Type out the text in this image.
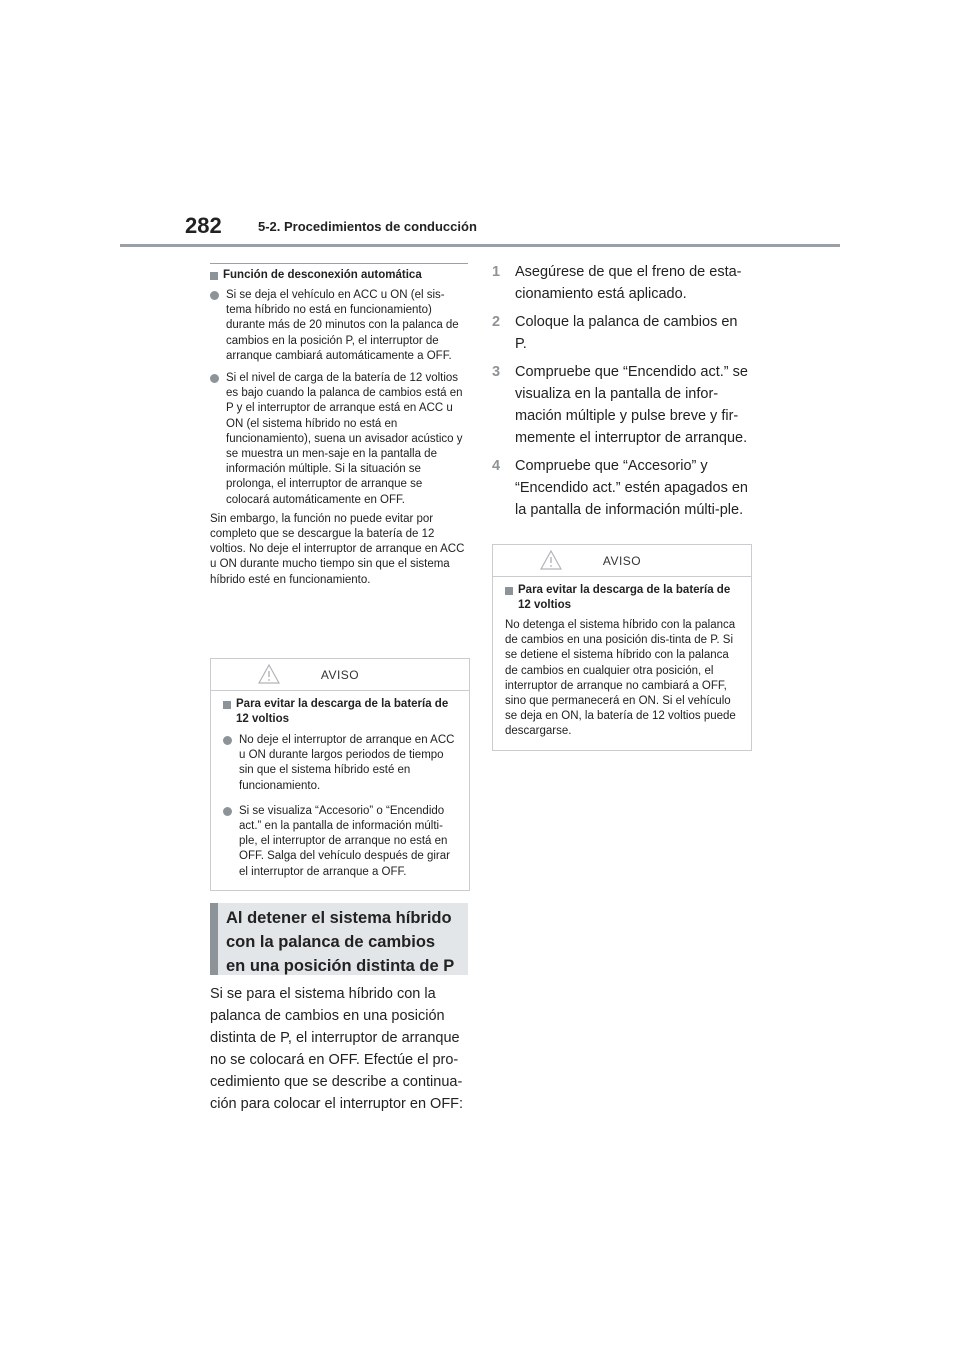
282	5-2. Procedimientos de conducción
Función de desconexión automática
Si se deja el vehículo en ACC u ON (el sis-tema híbrido no está en funcionamiento) durante más de 20 minutos con la palanca de cambios en la posición P, el interruptor de arranque cambiará automáticamente a OFF.
Si el nivel de carga de la batería de 12 voltios es bajo cuando la palanca de cambios está en P y el interruptor de arranque está en ACC u ON (el sistema híbrido no está en funcionamiento), suena un avisador acústico y se muestra un men-saje en la pantalla de información múltiple. Si la situación se prolonga, el interruptor de arranque se colocará automáticamente en OFF.
Sin embargo, la función no puede evitar por completo que se descargue la batería de 12 voltios. No deje el interruptor de arranque en ACC u ON durante mucho tiempo sin que el sistema híbrido esté en funcionamiento.
AVISO
Para evitar la descarga de la batería de 12 voltios
No deje el interruptor de arranque en ACC u ON durante largos periodos de tiempo sin que el sistema híbrido esté en funcionamiento.
Si se visualiza “Accesorio” o “Encendido act.” en la pantalla de información múlti-ple, el interruptor de arranque no está en OFF. Salga del vehículo después de girar el interruptor de arranque a OFF.
Al detener el sistema híbrido con la palanca de cambios en una posición distinta de P
Si se para el sistema híbrido con la palanca de cambios en una posición distinta de P, el interruptor de arranque no se colocará en OFF. Efectúe el pro-cedimiento que se describe a continua-ción para colocar el interruptor en OFF:
1	Asegúrese de que el freno de esta-cionamiento está aplicado.
2	Coloque la palanca de cambios en P.
3	Compruebe que “Encendido act.” se visualiza en la pantalla de infor-mación múltiple y pulse breve y fir-memente el interruptor de arranque.
4	Compruebe que “Accesorio” y “Encendido act.” estén apagados en la pantalla de información múlti-ple.
AVISO
Para evitar la descarga de la batería de 12 voltios
No detenga el sistema híbrido con la palanca de cambios en una posición dis-tinta de P. Si se detiene el sistema híbrido con la palanca de cambios en cualquier otra posición, el interruptor de arranque no cambiará a OFF, sino que permanecerá en ON. Si el vehículo se deja en ON, la batería de 12 voltios puede descargarse.
